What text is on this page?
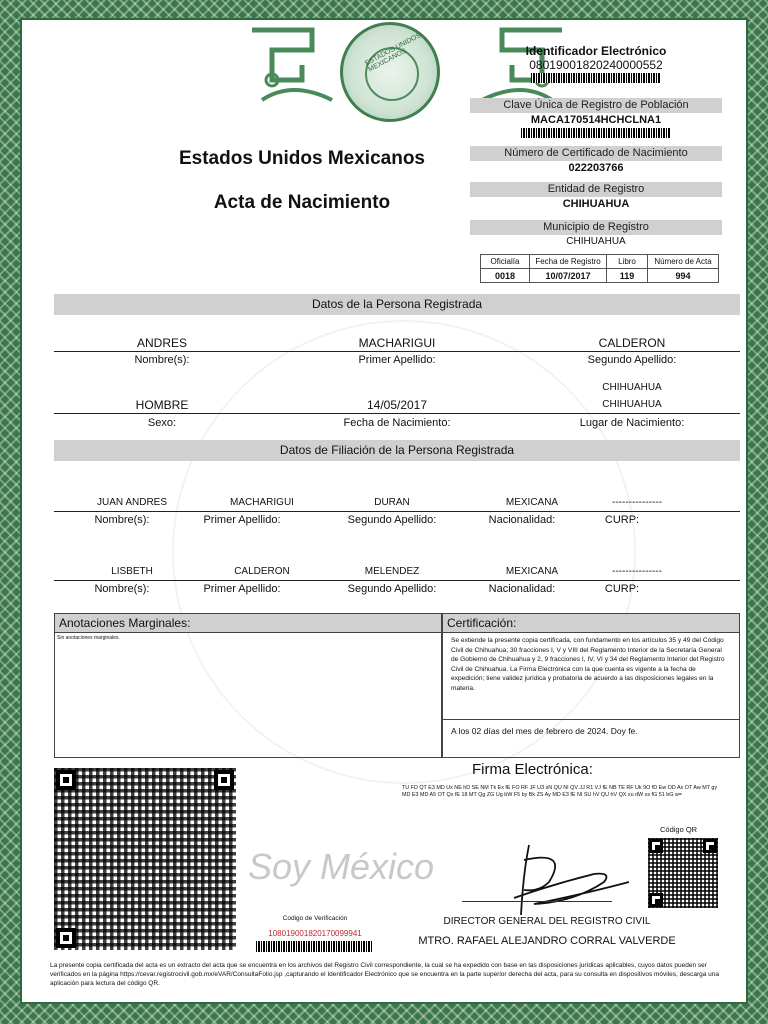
ESTADOS UNIDOS MEXICANOS
Estados Unidos Mexicanos
Acta de Nacimiento
Identificador Electrónico
08019001820240000552
Clave Única de Registro de Población
MACA170514HCHCLNA1
Número de Certificado de Nacimiento
022203766
Entidad de Registro
CHIHUAHUA
Municipio de Registro
CHIHUAHUA
Oficialía	Fecha de Registro	Libro	Número de Acta
0018	10/07/2017	119	994
Datos de la Persona Registrada
ANDRES	MACHARIGUI	CALDERON
Nombre(s):	Primer Apellido:	Segundo Apellido:
CHIHUAHUA
HOMBRE	14/05/2017	CHIHUAHUA
Sexo:	Fecha de Nacimiento:	Lugar de Nacimiento:
Datos de Filiación de la Persona Registrada
JUAN ANDRES	MACHARIGUI	DURAN	MEXICANA	---------------
Nombre(s):	Primer Apellido:	Segundo Apellido:	Nacionalidad:	CURP:
LISBETH	CALDERON	MELENDEZ	MEXICANA	---------------
Nombre(s):	Primer Apellido:	Segundo Apellido:	Nacionalidad:	CURP:
Anotaciones Marginales:
Sin anotaciones marginales.
Certificación:
Se extiende la presente copia certificada, con fundamento en los artículos 35 y 49 del Código Civil de Chihuahua; 30 fracciones I, V y VIII del Reglamento Interior de la Secretaría General de Gobierno de Chihuahua y 2, 9 fracciones I, IV, VI y 34 del Reglamento Interior del Registro Civil de Chihuahua. La Firma Electrónica con la que cuenta es vigente a la fecha de expedición; tiene validez jurídica y probatoria de acuerdo a las disposiciones legales en la materia.
A los 02 días del mes de febrero de 2024. Doy fe.
Soy México
Codigo de Verificación
108019001820170099941
Firma Electrónica:
TU FD QT E3 MD Ux NE hD SE NM Tk Ex fE FO RF JF U3 xN QU NI QV JJ R1 VJ fE NB TE RF Uk 9O fD Ew OD Ax OT Aw MT gy MD E3 MD A5 OT Qx fE 18 MT Qg ZG Ug bW F5 by Bk ZS Ay MD E3 fE NI SU hV QU hV QX xu dW xs fG 51 bG w=
Código QR
DIRECTOR GENERAL DEL REGISTRO CIVIL
MTRO. RAFAEL ALEJANDRO CORRAL VALVERDE
La presente copia certificada del acta es un extracto del acta que se encuentra en los archivos del Registro Civil correspondiente, la cual se ha expedido con base en las disposiciones jurídicas aplicables, cuyos datos pueden ser verificados en la página https://cevar.registrocivil.gob.mx/eVAR/ConsultaFolio.jsp ,capturando el Identificador Electrónico que se encuentra en la parte superior derecha del acta, para su consulta en dispositivos móviles, descarga una aplicación para lectura del código QR.
